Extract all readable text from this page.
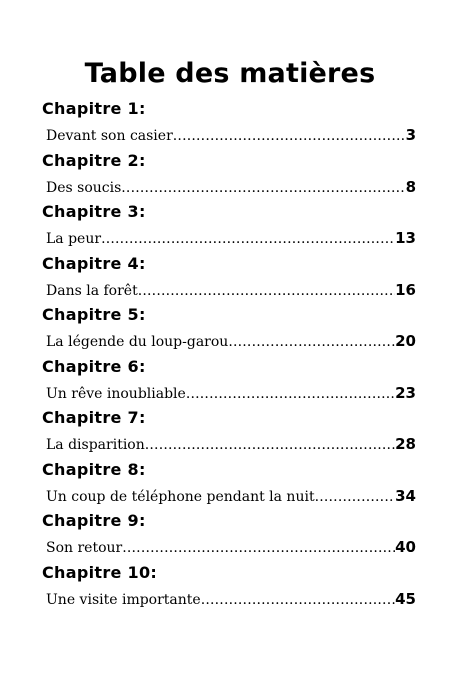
Table des matières
Chapitre 1:
Devant son casier .....	3
Chapitre 2:
Des soucis .....	8
Chapitre 3:
La peur .....	13
Chapitre 4:
Dans la forêt .....	16
Chapitre 5:
La légende du loup-garou .....	20
Chapitre 6:
Un rêve inoubliable .....	23
Chapitre 7:
La disparition .....	28
Chapitre 8:
Un coup de téléphone pendant la nuit .....	34
Chapitre 9:
Son retour .....	40
Chapitre 10:
Une visite importante .....	45
